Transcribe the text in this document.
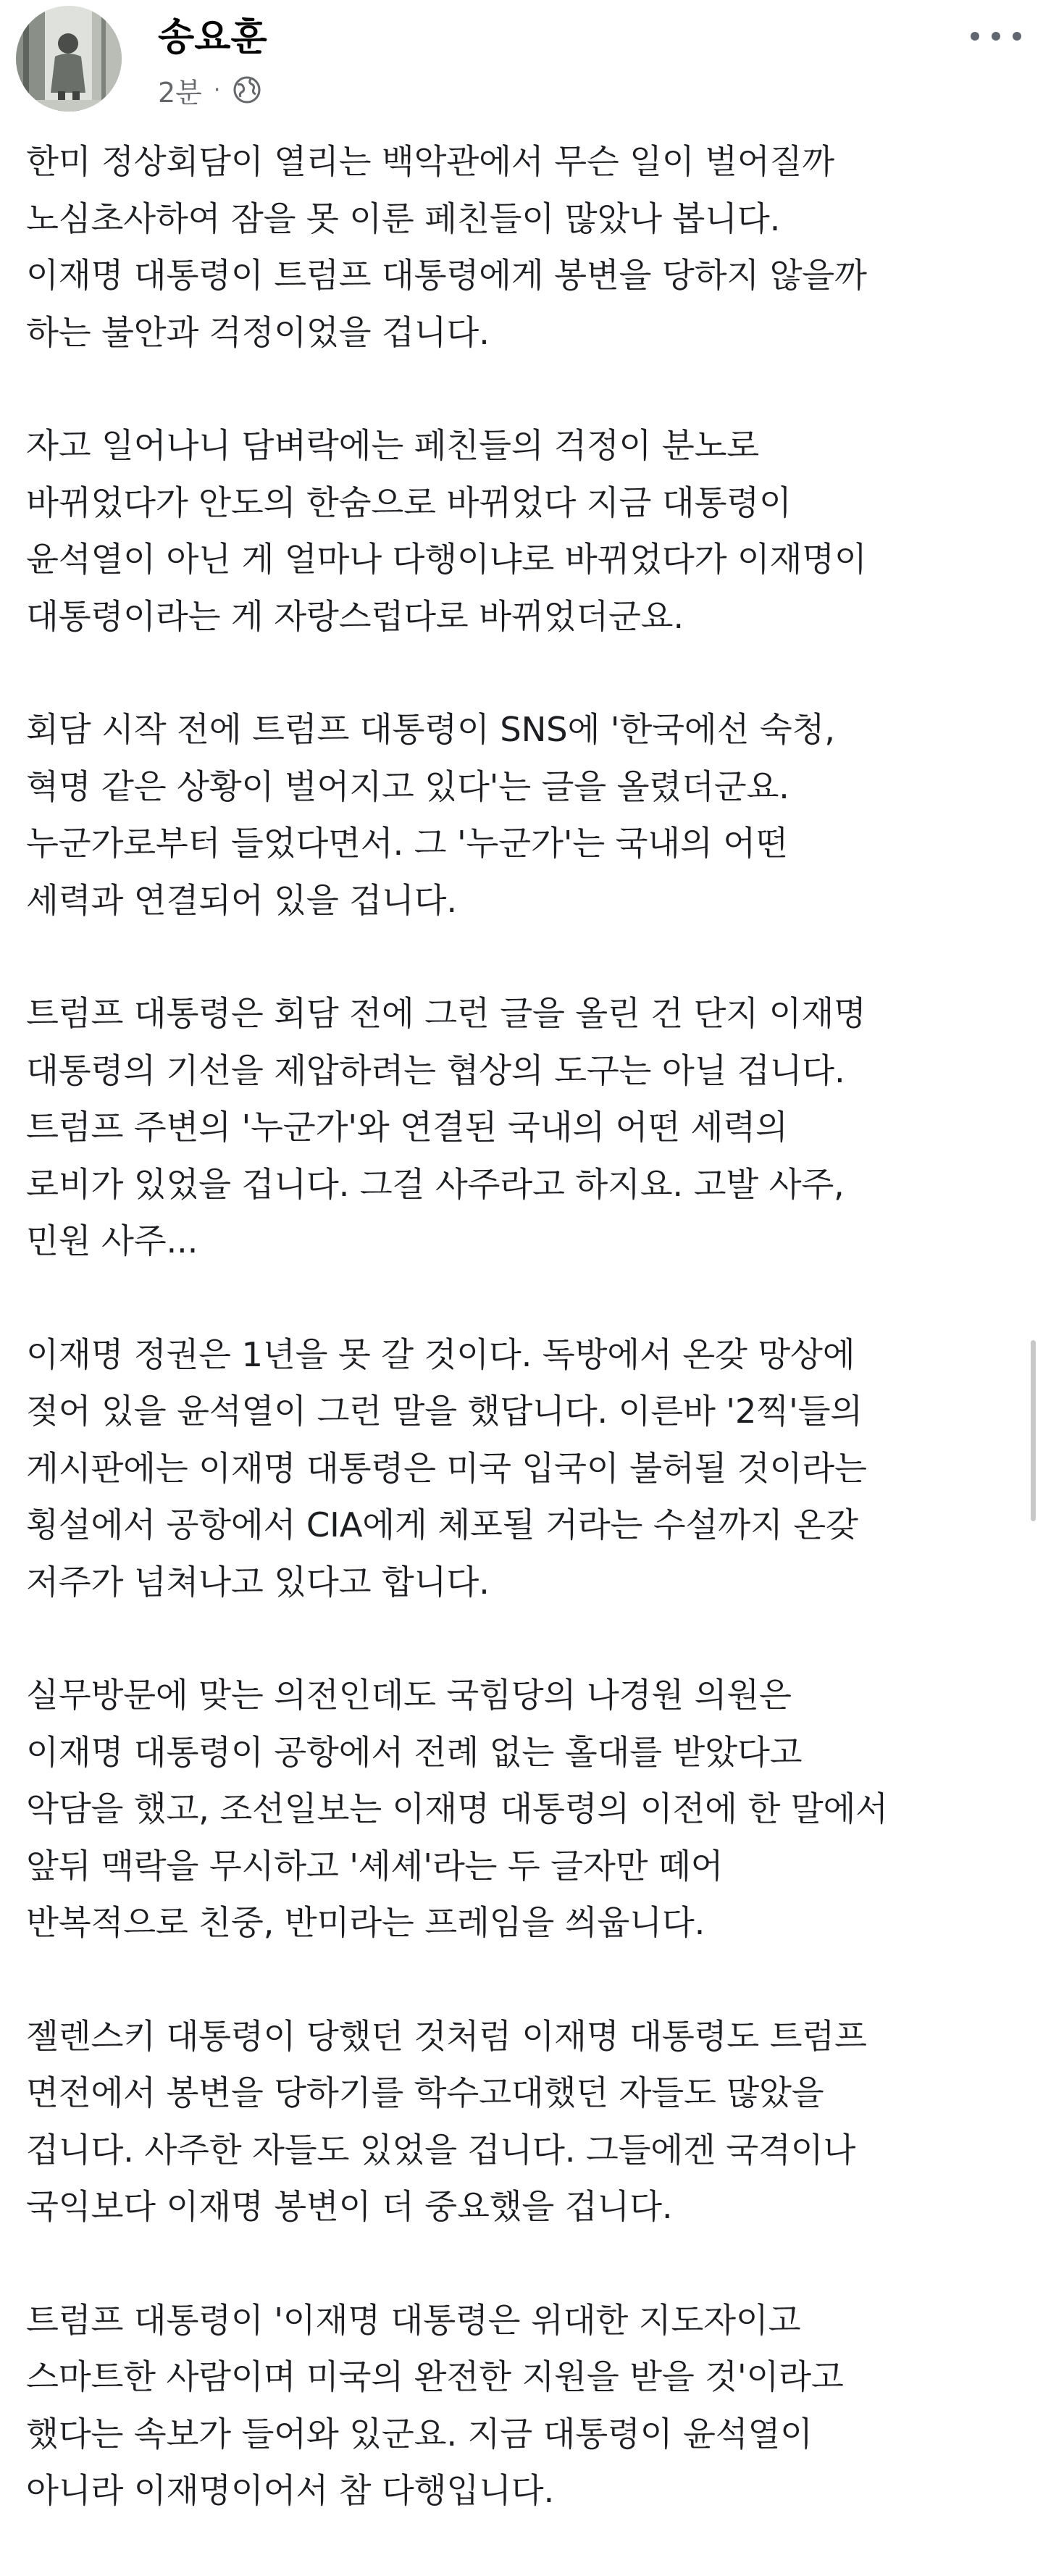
송요훈
2분 ·
한미 정상회담이 열리는 백악관에서 무슨 일이 벌어질까
노심초사하여 잠을 못 이룬 페친들이 많았나 봅니다.
이재명 대통령이 트럼프 대통령에게 봉변을 당하지 않을까
하는 불안과 걱정이었을 겁니다.
자고 일어나니 담벼락에는 페친들의 걱정이 분노로
바뀌었다가 안도의 한숨으로 바뀌었다 지금 대통령이
윤석열이 아닌 게 얼마나 다행이냐로 바뀌었다가 이재명이
대통령이라는 게 자랑스럽다로 바뀌었더군요.
회담 시작 전에 트럼프 대통령이 SNS에 '한국에선 숙청,
혁명 같은 상황이 벌어지고 있다'는 글을 올렸더군요.
누군가로부터 들었다면서. 그 '누군가'는 국내의 어떤
세력과 연결되어 있을 겁니다.
트럼프 대통령은 회담 전에 그런 글을 올린 건 단지 이재명
대통령의 기선을 제압하려는 협상의 도구는 아닐 겁니다.
트럼프 주변의 '누군가'와 연결된 국내의 어떤 세력의
로비가 있었을 겁니다. 그걸 사주라고 하지요. 고발 사주,
민원 사주...
이재명 정권은 1년을 못 갈 것이다. 독방에서 온갖 망상에
젖어 있을 윤석열이 그런 말을 했답니다. 이른바 '2찍'들의
게시판에는 이재명 대통령은 미국 입국이 불허될 것이라는
횡설에서 공항에서 CIA에게 체포될 거라는 수설까지 온갖
저주가 넘쳐나고 있다고 합니다.
실무방문에 맞는 의전인데도 국힘당의 나경원 의원은
이재명 대통령이 공항에서 전례 없는 홀대를 받았다고
악담을 했고, 조선일보는 이재명 대통령의 이전에 한 말에서
앞뒤 맥락을 무시하고 '셰셰'라는 두 글자만 떼어
반복적으로 친중, 반미라는 프레임을 씌웁니다.
젤렌스키 대통령이 당했던 것처럼 이재명 대통령도 트럼프
면전에서 봉변을 당하기를 학수고대했던 자들도 많았을
겁니다. 사주한 자들도 있었을 겁니다. 그들에겐 국격이나
국익보다 이재명 봉변이 더 중요했을 겁니다.
트럼프 대통령이 '이재명 대통령은 위대한 지도자이고
스마트한 사람이며 미국의 완전한 지원을 받을 것'이라고
했다는 속보가 들어와 있군요. 지금 대통령이 윤석열이
아니라 이재명이어서 참 다행입니다.
